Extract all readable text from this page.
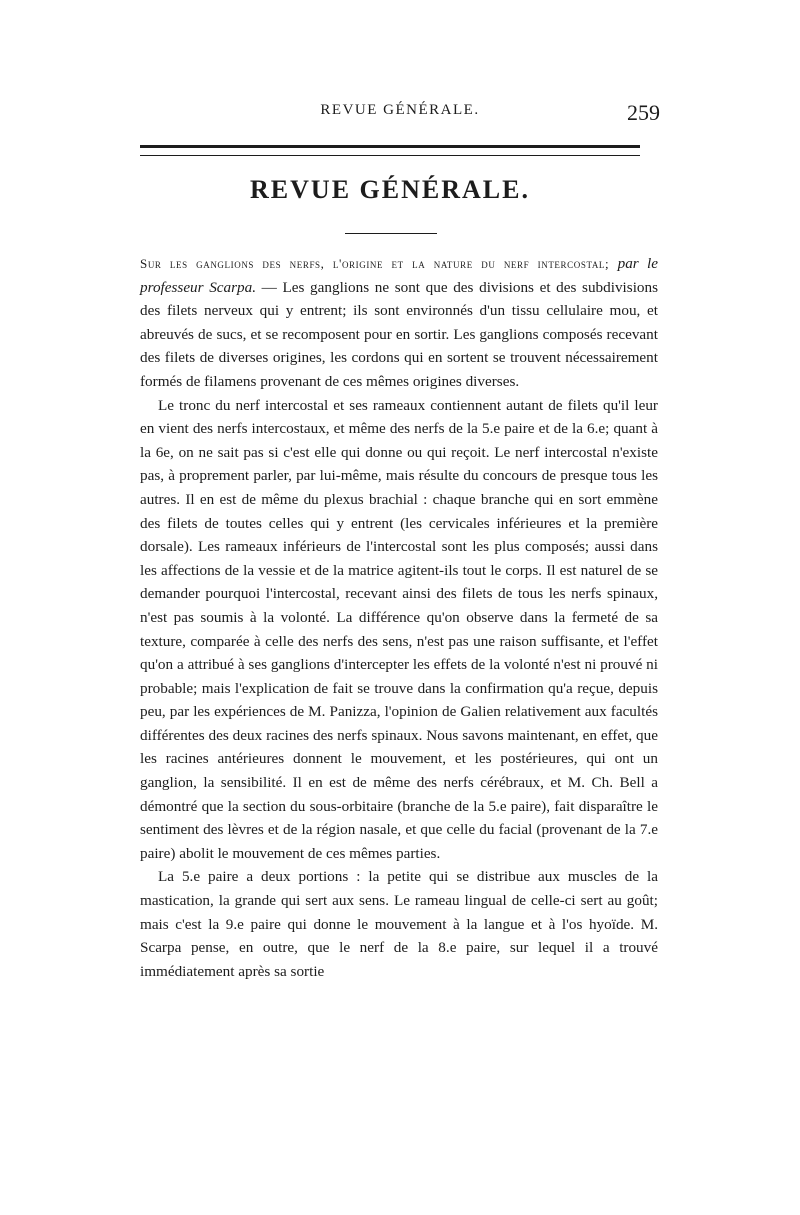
REVUE GÉNÉRALE.	259
REVUE GÉNÉRALE.

Sur les ganglions des nerfs, l'origine et la nature du nerf intercostal; par le professeur Scarpa. — Les ganglions ne sont que des divisions et des subdivisions des filets nerveux qui y entrent; ils sont environnés d'un tissu cellulaire mou, et abreuvés de sucs, et se recomposent pour en sortir. Les ganglions composés recevant des filets de diverses origines, les cordons qui en sortent se trouvent nécessairement formés de filamens provenant de ces mêmes origines diverses.

Le tronc du nerf intercostal et ses rameaux contiennent autant de filets qu'il leur en vient des nerfs intercostaux, et même des nerfs de la 5.e paire et de la 6.e; quant à la 6e, on ne sait pas si c'est elle qui donne ou qui reçoit. Le nerf intercostal n'existe pas, à proprement parler, par lui-même, mais résulte du concours de presque tous les autres. Il en est de même du plexus brachial : chaque branche qui en sort emmène des filets de toutes celles qui y entrent (les cervicales inférieures et la première dorsale). Les rameaux inférieurs de l'intercostal sont les plus composés; aussi dans les affections de la vessie et de la matrice agitent-ils tout le corps. Il est naturel de se demander pourquoi l'intercostal, recevant ainsi des filets de tous les nerfs spinaux, n'est pas soumis à la volonté. La différence qu'on observe dans la fermeté de sa texture, comparée à celle des nerfs des sens, n'est pas une raison suffisante, et l'effet qu'on a attribué à ses ganglions d'intercepter les effets de la volonté n'est ni prouvé ni probable; mais l'explication de fait se trouve dans la confirmation qu'a reçue, depuis peu, par les expériences de M. Panizza, l'opinion de Galien relativement aux facultés différentes des deux racines des nerfs spinaux. Nous savons maintenant, en effet, que les racines antérieures donnent le mouvement, et les postérieures, qui ont un ganglion, la sensibilité. Il en est de même des nerfs cérébraux, et M. Ch. Bell a démontré que la section du sous-orbitaire (branche de la 5.e paire), fait disparaître le sentiment des lèvres et de la région nasale, et que celle du facial (provenant de la 7.e paire) abolit le mouvement de ces mêmes parties.

La 5.e paire a deux portions : la petite qui se distribue aux muscles de la mastication, la grande qui sert aux sens. Le rameau lingual de celle-ci sert au goût; mais c'est la 9.e paire qui donne le mouvement à la langue et à l'os hyoïde. M. Scarpa pense, en outre, que le nerf de la 8.e paire, sur lequel il a trouvé immédiatement après sa sortie
